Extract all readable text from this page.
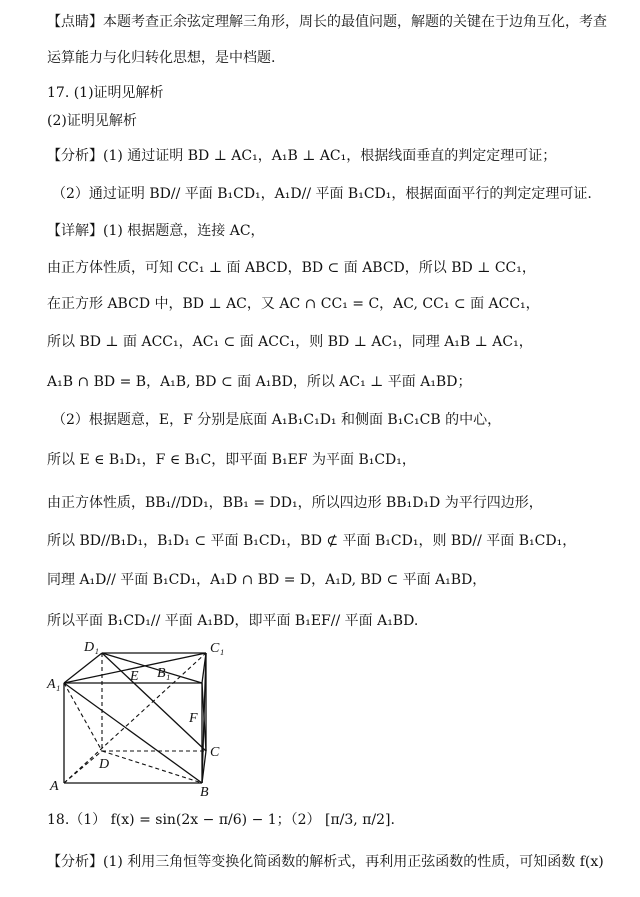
【点睛】本题考查正余弦定理解三角形，周长的最值问题，解题的关键在于边角互化，考查
运算能力与化归转化思想，是中档题.
17. (1)证明见解析
(2)证明见解析
【分析】(1) 通过证明 BD ⊥ AC₁，A₁B ⊥ AC₁，根据线面垂直的判定定理可证；
（2）通过证明 BD// 平面 B₁CD₁，A₁D// 平面 B₁CD₁，根据面面平行的判定定理可证.
【详解】(1) 根据题意，连接 AC，
由正方体性质，可知 CC₁ ⊥ 面 ABCD，BD ⊂ 面 ABCD，所以 BD ⊥ CC₁，
在正方形 ABCD 中，BD ⊥ AC，又 AC ∩ CC₁ = C，AC, CC₁ ⊂ 面 ACC₁，
所以 BD ⊥ 面 ACC₁，AC₁ ⊂ 面 ACC₁，则 BD ⊥ AC₁，同理 A₁B ⊥ AC₁，
A₁B ∩ BD = B，A₁B, BD ⊂ 面 A₁BD，所以 AC₁ ⊥ 平面 A₁BD；
（2）根据题意，E，F 分别是底面 A₁B₁C₁D₁ 和侧面 B₁C₁CB 的中心，
所以 E ∈ B₁D₁，F ∈ B₁C，即平面 B₁EF 为平面 B₁CD₁，
由正方体性质，BB₁//DD₁，BB₁ = DD₁，所以四边形 BB₁D₁D 为平行四边形，
所以 BD//B₁D₁，B₁D₁ ⊂ 平面 B₁CD₁，BD ⊄ 平面 B₁CD₁，则 BD// 平面 B₁CD₁，
同理 A₁D// 平面 B₁CD₁，A₁D ∩ BD = D，A₁D, BD ⊂ 平面 A₁BD，
所以平面 B₁CD₁// 平面 A₁BD，即平面 B₁EF// 平面 A₁BD.
D₁	C₁
A₁
B₁
E
F
C
D
A	B
18.（1） f(x) = sin(2x − π/6) − 1；（2） [π/3, π/2].
【分析】(1) 利用三角恒等变换化简函数的解析式，再利用正弦函数的性质，可知函数 f(x)
